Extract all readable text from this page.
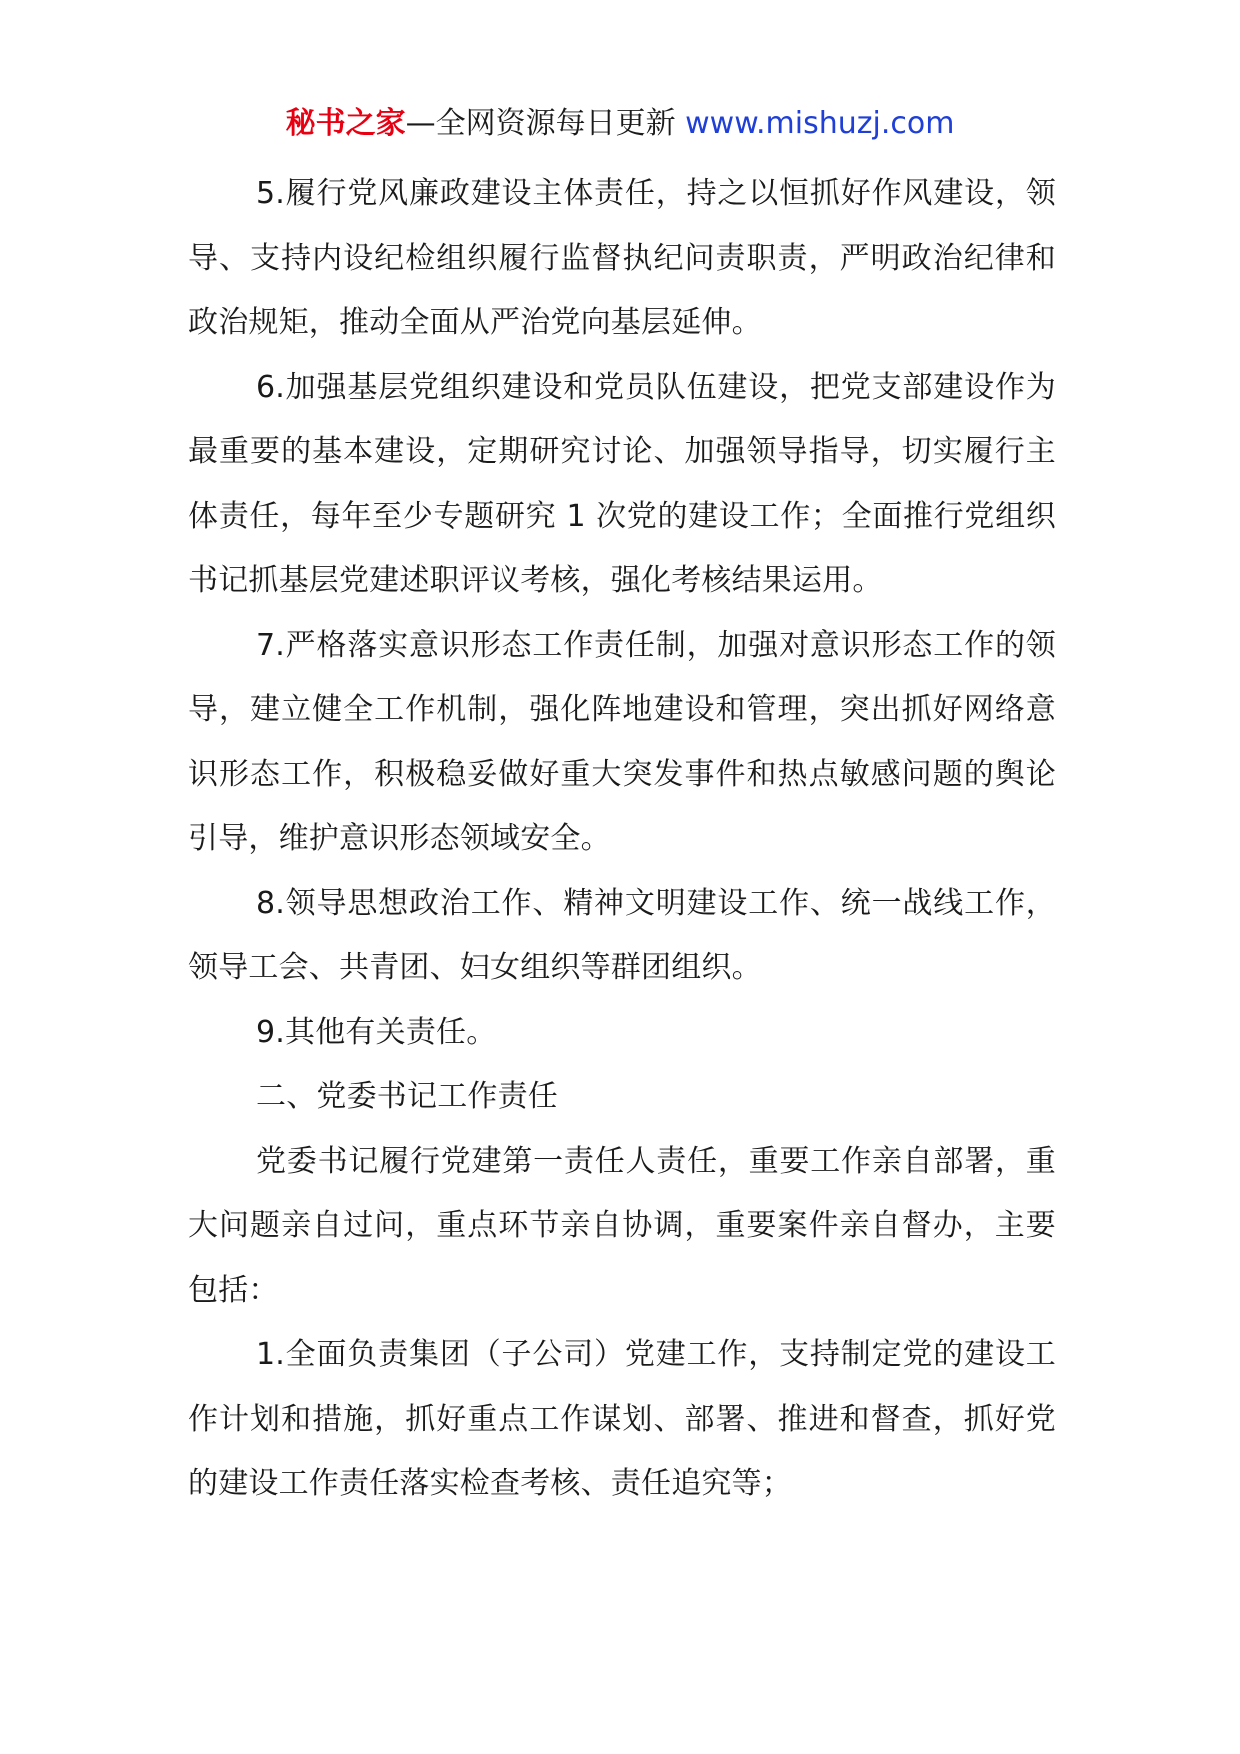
秘书之家—全网资源每日更新 www.mishuzj.com

5.履行党风廉政建设主体责任，持之以恒抓好作风建设，领导、支持内设纪检组织履行监督执纪问责职责，严明政治纪律和政治规矩，推动全面从严治党向基层延伸。

6.加强基层党组织建设和党员队伍建设，把党支部建设作为最重要的基本建设，定期研究讨论、加强领导指导，切实履行主体责任，每年至少专题研究 1 次党的建设工作；全面推行党组织书记抓基层党建述职评议考核，强化考核结果运用。

7.严格落实意识形态工作责任制，加强对意识形态工作的领导，建立健全工作机制，强化阵地建设和管理，突出抓好网络意识形态工作，积极稳妥做好重大突发事件和热点敏感问题的舆论引导，维护意识形态领域安全。

8.领导思想政治工作、精神文明建设工作、统一战线工作，领导工会、共青团、妇女组织等群团组织。

9.其他有关责任。

二、党委书记工作责任

党委书记履行党建第一责任人责任，重要工作亲自部署，重大问题亲自过问，重点环节亲自协调，重要案件亲自督办，主要包括：

1.全面负责集团（子公司）党建工作，支持制定党的建设工作计划和措施，抓好重点工作谋划、部署、推进和督查，抓好党的建设工作责任落实检查考核、责任追究等；
